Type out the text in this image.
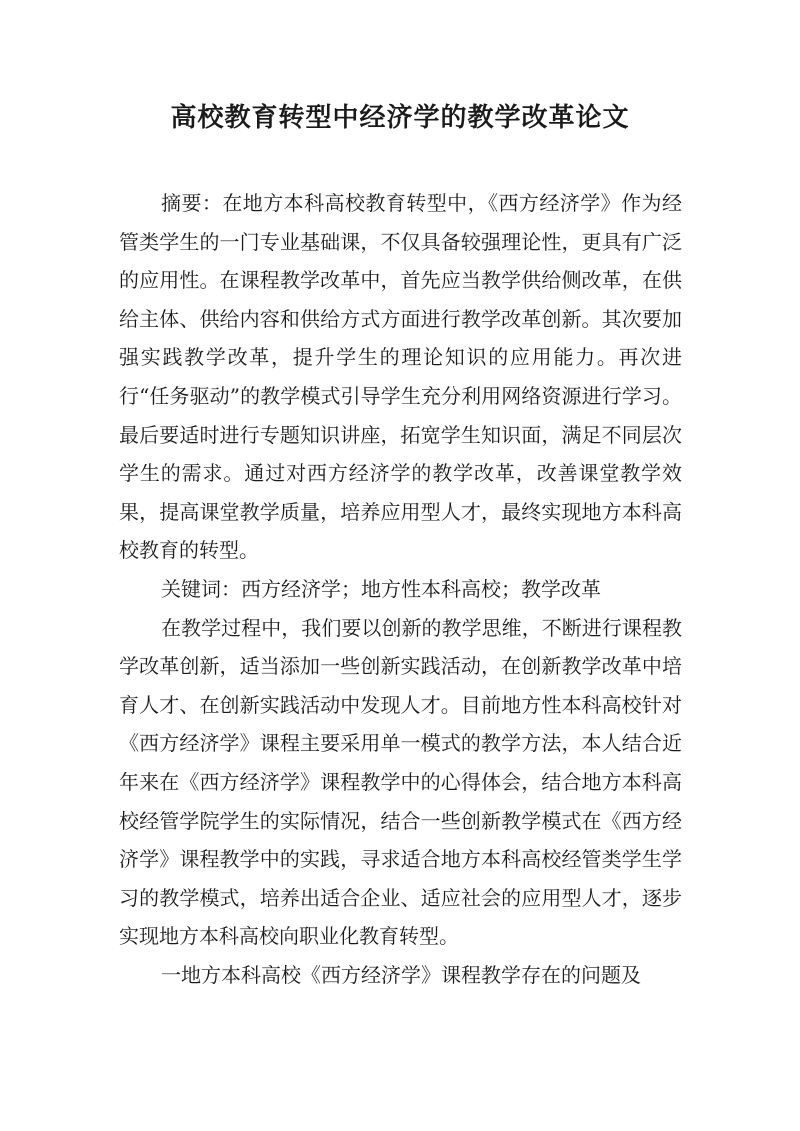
高校教育转型中经济学的教学改革论文

摘要：在地方本科高校教育转型中，《西方经济学》作为经管类学生的一门专业基础课，不仅具备较强理论性，更具有广泛的应用性。在课程教学改革中，首先应当教学供给侧改革，在供给主体、供给内容和供给方式方面进行教学改革创新。其次要加强实践教学改革，提升学生的理论知识的应用能力。再次进行“任务驱动”的教学模式引导学生充分利用网络资源进行学习。最后要适时进行专题知识讲座，拓宽学生知识面，满足不同层次学生的需求。通过对西方经济学的教学改革，改善课堂教学效果，提高课堂教学质量，培养应用型人才，最终实现地方本科高校教育的转型。

关键词：西方经济学；地方性本科高校；教学改革

在教学过程中，我们要以创新的教学思维，不断进行课程教学改革创新，适当添加一些创新实践活动，在创新教学改革中培育人才、在创新实践活动中发现人才。目前地方性本科高校针对《西方经济学》课程主要采用单一模式的教学方法，本人结合近年来在《西方经济学》课程教学中的心得体会，结合地方本科高校经管学院学生的实际情况，结合一些创新教学模式在《西方经济学》课程教学中的实践，寻求适合地方本科高校经管类学生学习的教学模式，培养出适合企业、适应社会的应用型人才，逐步实现地方本科高校向职业化教育转型。

一地方本科高校《西方经济学》课程教学存在的问题及
